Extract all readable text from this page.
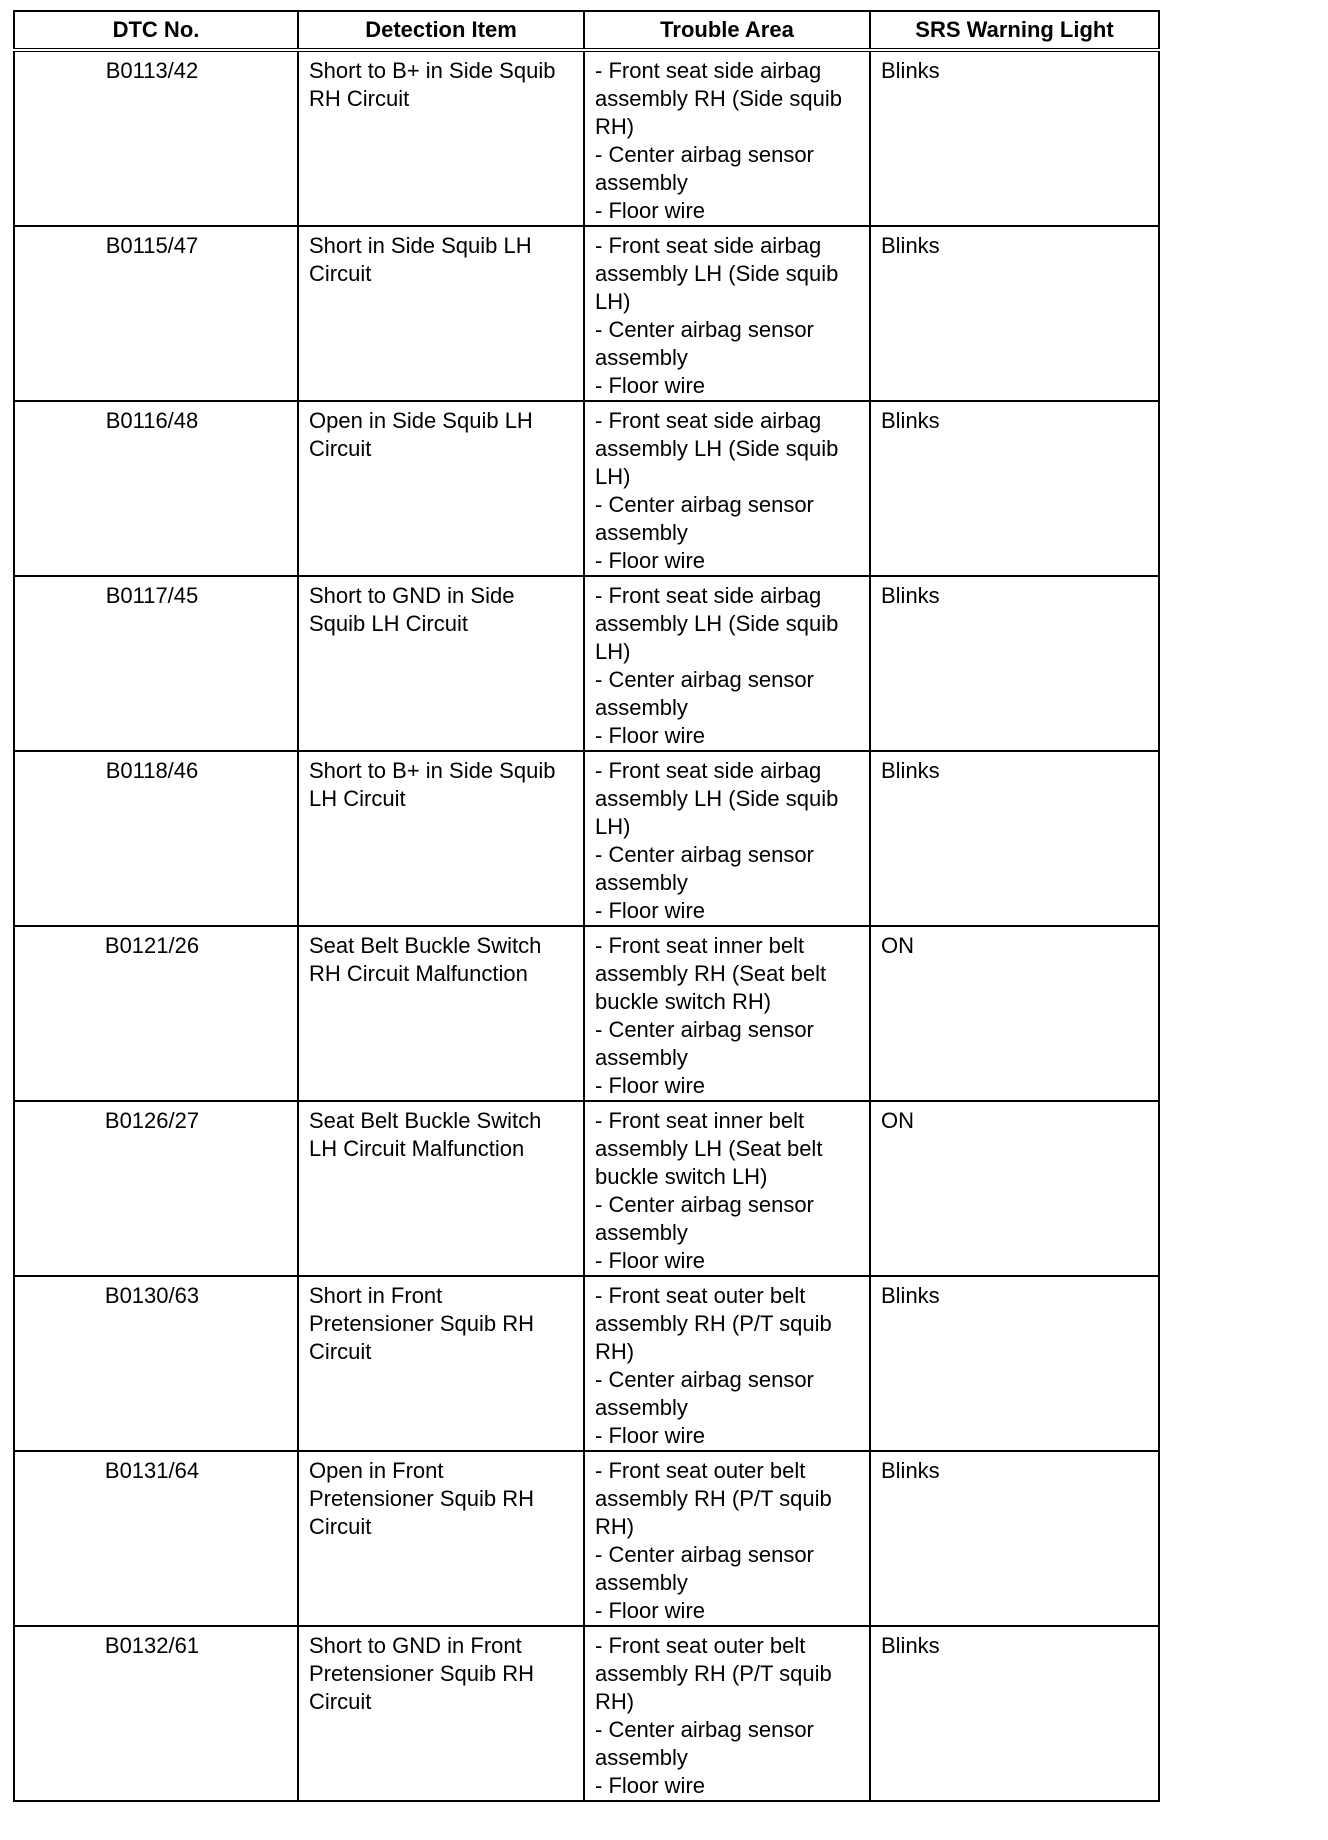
DTC No.	Detection Item	Trouble Area	SRS Warning Light
B0113/42	Short to B+ in Side Squib RH Circuit	- Front seat side airbag assembly RH (Side squib RH)
- Center airbag sensor assembly
- Floor wire	Blinks
B0115/47	Short in Side Squib LH Circuit	- Front seat side airbag assembly LH (Side squib LH)
- Center airbag sensor assembly
- Floor wire	Blinks
B0116/48	Open in Side Squib LH Circuit	- Front seat side airbag assembly LH (Side squib LH)
- Center airbag sensor assembly
- Floor wire	Blinks
B0117/45	Short to GND in Side Squib LH Circuit	- Front seat side airbag assembly LH (Side squib LH)
- Center airbag sensor assembly
- Floor wire	Blinks
B0118/46	Short to B+ in Side Squib LH Circuit	- Front seat side airbag assembly LH (Side squib LH)
- Center airbag sensor assembly
- Floor wire	Blinks
B0121/26	Seat Belt Buckle Switch RH Circuit Malfunction	- Front seat inner belt assembly RH (Seat belt buckle switch RH)
- Center airbag sensor assembly
- Floor wire	ON
B0126/27	Seat Belt Buckle Switch LH Circuit Malfunction	- Front seat inner belt assembly LH (Seat belt buckle switch LH)
- Center airbag sensor assembly
- Floor wire	ON
B0130/63	Short in Front Pretensioner Squib RH Circuit	- Front seat outer belt assembly RH (P/T squib RH)
- Center airbag sensor assembly
- Floor wire	Blinks
B0131/64	Open in Front Pretensioner Squib RH Circuit	- Front seat outer belt assembly RH (P/T squib RH)
- Center airbag sensor assembly
- Floor wire	Blinks
B0132/61	Short to GND in Front Pretensioner Squib RH Circuit	- Front seat outer belt assembly RH (P/T squib RH)
- Center airbag sensor assembly
- Floor wire	Blinks
